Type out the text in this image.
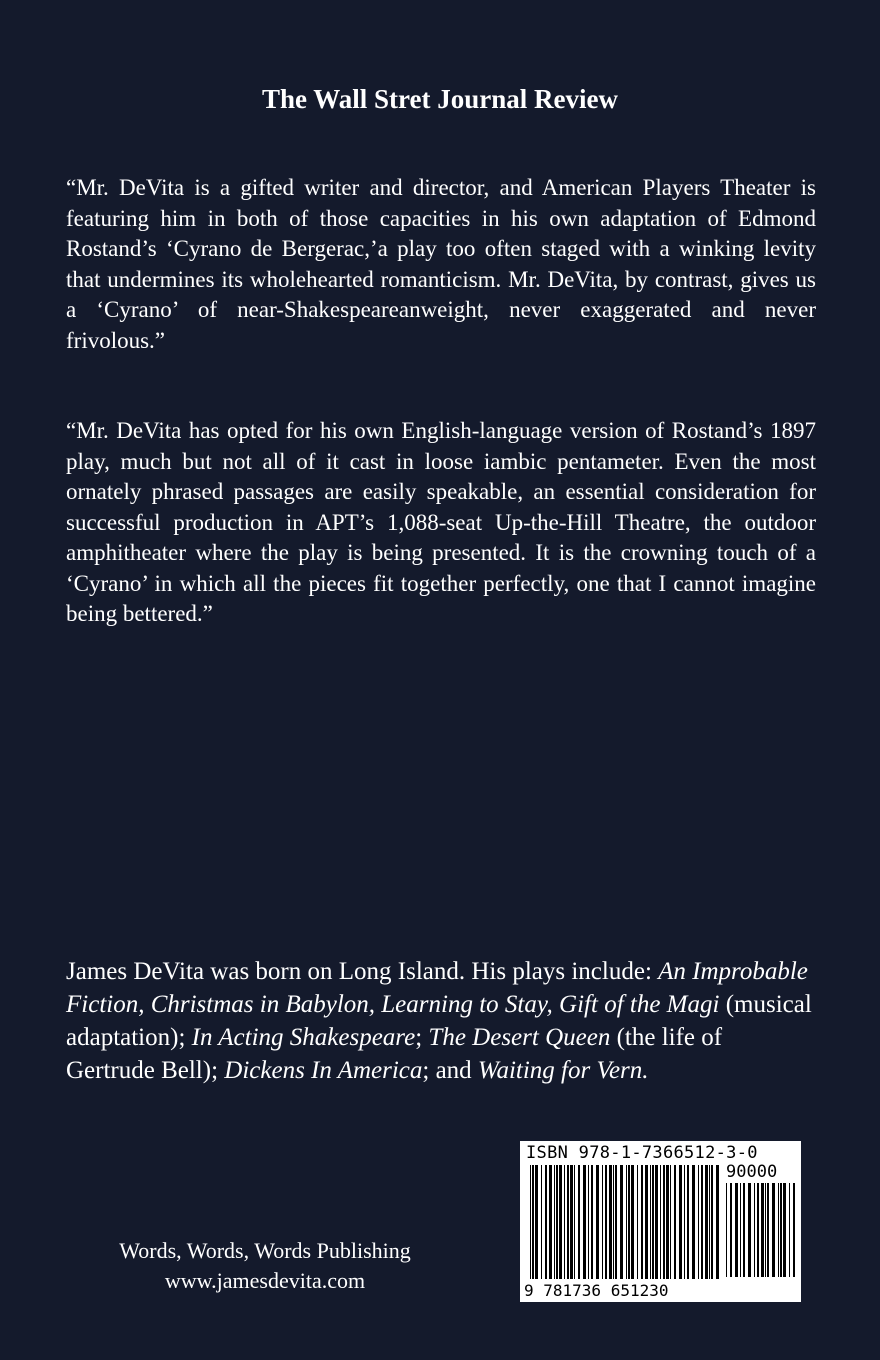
The Wall Stret Journal Review
“Mr. DeVita is a gifted writer and director, and American Players Theater is featuring him in both of those capacities in his own adaptation of Edmond Rostand’s ‘Cyrano de Bergerac,’a play too often staged with a winking levity that undermines its wholehearted romanticism. Mr. DeVita, by contrast, gives us a ‘Cyrano’ of near-Shakespeareanweight, never exaggerated and never frivolous.”
“Mr. DeVita has opted for his own English-language version of Rostand’s 1897 play, much but not all of it cast in loose iambic pentameter. Even the most ornately phrased passages are easily speakable, an essential consideration for successful production in APT’s 1,088-seat Up-the-Hill Theatre, the outdoor amphitheater where the play is being presented. It is the crowning touch of a ‘Cyrano’ in which all the pieces fit together perfectly, one that I cannot imagine being bettered.”
James DeVita was born on Long Island. His plays include: An Improbable Fiction, Christmas in Babylon, Learning to Stay, Gift of the Magi (musical adaptation); In Acting Shakespeare; The Desert Queen (the life of Gertrude Bell); Dickens In America; and Waiting for Vern.
Words, Words, Words Publishing
www.jamesdevita.com
ISBN 978-1-7366512-3-0
90000
9 781736 651230
